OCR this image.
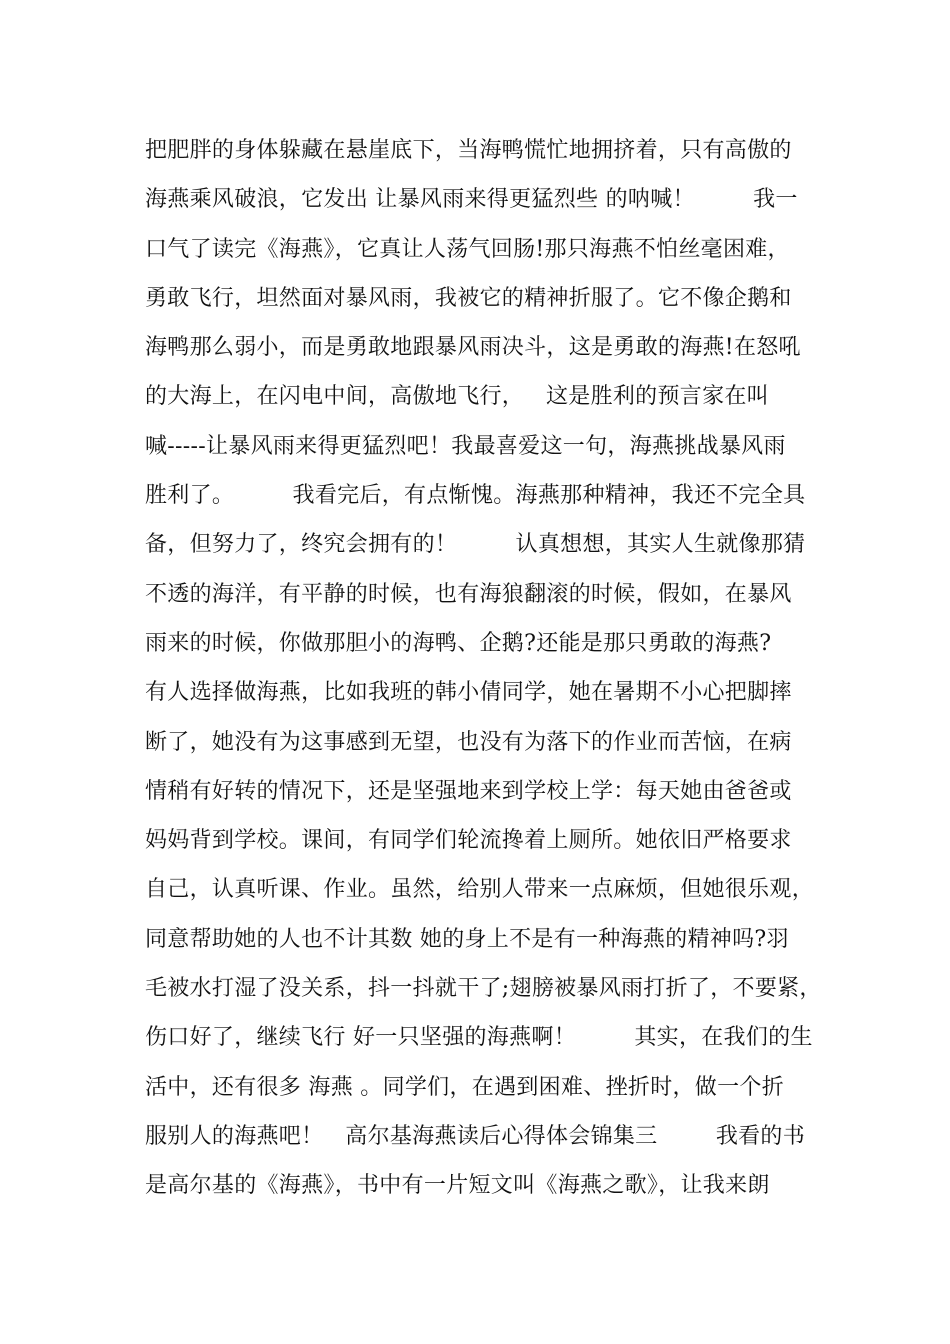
把肥胖的身体躲藏在悬崖底下，当海鸭慌忙地拥挤着，只有高傲的
海燕乘风破浪，它发出 让暴风雨来得更猛烈些 的呐喊！        我一
口气了读完《海燕》，它真让人荡气回肠!那只海燕不怕丝毫困难，
勇敢飞行，坦然面对暴风雨，我被它的精神折服了。它不像企鹅和
海鸭那么弱小，而是勇敢地跟暴风雨决斗，这是勇敢的海燕!在怒吼
的大海上，在闪电中间，高傲地飞行，   这是胜利的预言家在叫
喊-----让暴风雨来得更猛烈吧！我最喜爱这一句，海燕挑战暴风雨
胜利了。        我看完后，有点惭愧。海燕那种精神，我还不完全具
备，但努力了，终究会拥有的！        认真想想，其实人生就像那猜
不透的海洋，有平静的时候，也有海狼翻滚的时候，假如，在暴风
雨来的时候，你做那胆小的海鸭、企鹅?还能是那只勇敢的海燕?
有人选择做海燕，比如我班的韩小倩同学，她在暑期不小心把脚摔
断了，她没有为这事感到无望，也没有为落下的作业而苦恼，在病
情稍有好转的情况下，还是坚强地来到学校上学：每天她由爸爸或
妈妈背到学校。课间，有同学们轮流搀着上厕所。她依旧严格要求
自己，认真听课、作业。虽然，给别人带来一点麻烦，但她很乐观，
同意帮助她的人也不计其数 她的身上不是有一种海燕的精神吗?羽
毛被水打湿了没关系，抖一抖就干了;翅膀被暴风雨打折了，不要紧，
伤口好了，继续飞行 好一只坚强的海燕啊！        其实，在我们的生
活中，还有很多 海燕 。同学们，在遇到困难、挫折时，做一个折
服别人的海燕吧！   高尔基海燕读后心得体会锦集三        我看的书
是高尔基的《海燕》，书中有一片短文叫《海燕之歌》，让我来朗
